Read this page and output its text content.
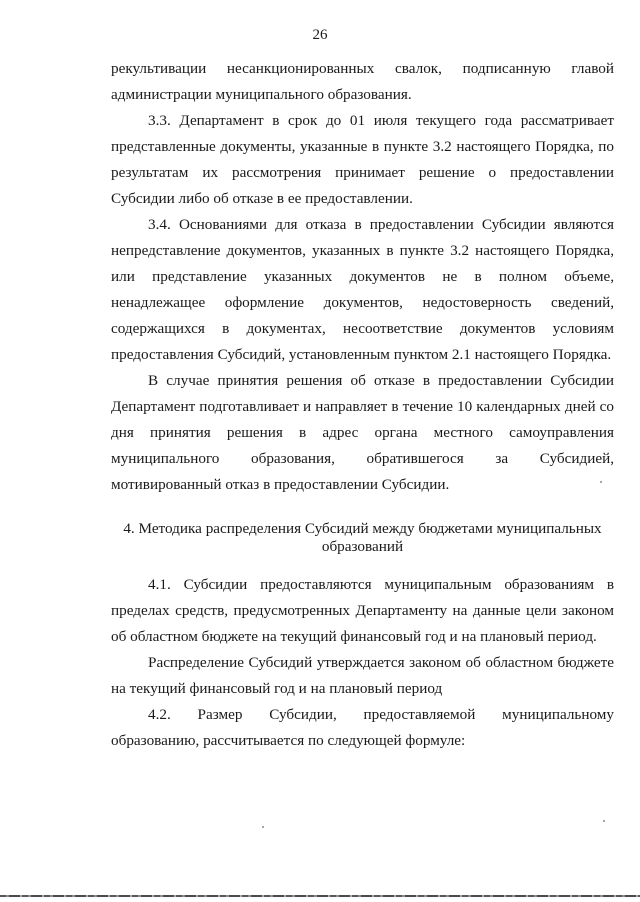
26

рекультивации несанкционированных свалок, подписанную главой администрации муниципального образования.

3.3. Департамент в срок до 01 июля текущего года рассматривает представленные документы, указанные в пункте 3.2 настоящего Порядка, по результатам их рассмотрения принимает решение о предоставлении Субсидии либо об отказе в ее предоставлении.

3.4. Основаниями для отказа в предоставлении Субсидии являются непредставление документов, указанных в пункте 3.2 настоящего Порядка, или представление указанных документов не в полном объеме, ненадлежащее оформление документов, недостоверность сведений, содержащихся в документах, несоответствие документов условиям предоставления Субсидий, установленным пунктом 2.1 настоящего Порядка.

В случае принятия решения об отказе в предоставлении Субсидии Департамент подготавливает и направляет в течение 10 календарных дней со дня принятия решения в адрес органа местного самоуправления муниципального образования, обратившегося за Субсидией, мотивированный отказ в предоставлении Субсидии.

4. Методика распределения Субсидий между бюджетами муниципальных
образований

4.1. Субсидии предоставляются муниципальным образованиям в пределах средств, предусмотренных Департаменту на данные цели законом об областном бюджете на текущий финансовый год и на плановый период.

Распределение Субсидий утверждается законом об областном бюджете на текущий финансовый год и на плановый период

4.2. Размер Субсидии, предоставляемой муниципальному образованию, рассчитывается по следующей формуле:
